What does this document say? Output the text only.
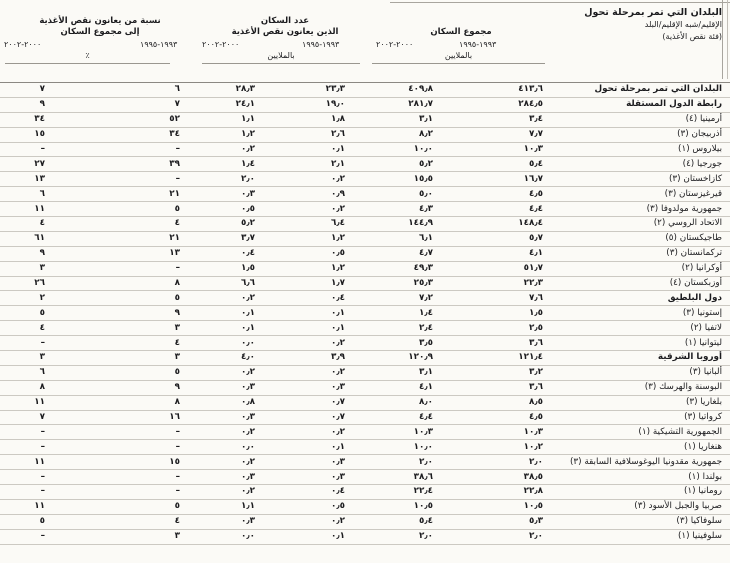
البلدان التي تمر بمرحلة تحول
الإقليم/شبه الإقليم/البلد
(فئة نقص الأغذية)

مجموع السكان

عدد السكان
الذين يعانون نقص الأغذية

نسبة من يعانون نقص الأغذية
إلى مجموع السكان

	١٩٩٣-١٩٩٥	٢٠٠٠-٢٠٠٢	١٩٩٣-١٩٩٥	٢٠٠٠-٢٠٠٢	١٩٩٣-١٩٩٥	٢٠٠٠-٢٠٠٢

	بالملايين		بالملايين		٪	

البلدان التي تمر بمرحلة تحول	٤١٣٫٦	٤٠٩٫٨	٢٣٫٣	٢٨٫٣	٦	٧
رابطة الدول المستقلة	٢٨٤٫٥	٢٨١٫٧	١٩٫٠	٢٤٫١	٧	٩
أرمينيا (٤)	٣٫٤	٣٫١	١٫٨	١٫١	٥٢	٣٤
أذربيجان (٣)	٧٫٧	٨٫٢	٢٫٦	١٫٢	٣٤	١٥
بيلاروس (١)	١٠٫٣	١٠٫٠	٠٫١	٠٫٢	–	–
جورجيا (٤)	٥٫٤	٥٫٢	٢٫١	١٫٤	٣٩	٢٧
كازاخستان (٣)	١٦٫٧	١٥٫٥	٠٫٢	٢٫٠	–	١٣
قيرغيزستان (٣)	٤٫٥	٥٫٠	٠٫٩	٠٫٣	٢١	٦
جمهورية مولدوفا (٣)	٤٫٤	٤٫٣	٠٫٢	٠٫٥	٥	١١
الاتحاد الروسي (٢)	١٤٨٫٤	١٤٤٫٩	٦٫٤	٥٫٢	٤	٤
طاجيكستان (٥)	٥٫٧	٦٫١	١٫٢	٣٫٧	٢١	٦١
تركمانستان (٣)	٤٫١	٤٫٧	٠٫٥	٠٫٤	١٣	٩
أوكرانيا (٢)	٥١٫٧	٤٩٫٣	١٫٢	١٫٥	–	٣
أوزبكستان (٤)	٢٢٫٣	٢٥٫٣	١٫٧	٦٫٦	٨	٢٦
دول البلطيق	٧٫٦	٧٫٢	٠٫٤	٠٫٢	٥	٢
إستونيا (٣)	١٫٥	١٫٤	٠٫١	٠٫١	٩	٥
لاتفيا (٢)	٢٫٥	٢٫٤	٠٫١	٠٫١	٣	٤
ليتوانيا (١)	٣٫٦	٣٫٥	٠٫٢	٠٫٠	٤	–
أوروبا الشرقية	١٢١٫٤	١٢٠٫٩	٣٫٩	٤٫٠	٣	٣
ألبانيا (٣)	٣٫٢	٣٫١	٠٫٢	٠٫٢	٥	٦
البوسنة والهرسك (٣)	٣٫٦	٤٫١	٠٫٣	٠٫٣	٩	٨
بلغاريا (٣)	٨٫٥	٨٫٠	٠٫٧	٠٫٨	٨	١١
كرواتيا (٣)	٤٫٥	٤٫٤	٠٫٧	٠٫٣	١٦	٧
الجمهورية التشيكية (١)	١٠٫٣	١٠٫٣	٠٫٢	٠٫٢	–	–
هنغاريا (١)	١٠٫٢	١٠٫٠	٠٫١	٠٫٠	–	–
جمهورية مقدونيا اليوغوسلافية السابقة (٣)	٢٫٠	٢٫٠	٠٫٣	٠٫٢	١٥	١١
بولندا (١)	٣٨٫٥	٣٨٫٦	٠٫٣	٠٫٣	–	–
رومانيا (١)	٢٢٫٨	٢٢٫٤	٠٫٤	٠٫٢	–	–
صربيا والجبل الأسود (٣)	١٠٫٥	١٠٫٥	٠٫٥	١٫١	٥	١١
سلوفاكيا (٣)	٥٫٣	٥٫٤	٠٫٢	٠٫٣	٤	٥
سلوفينيا (١)	٢٫٠	٢٫٠	٠٫١	٠٫٠	٣	–
